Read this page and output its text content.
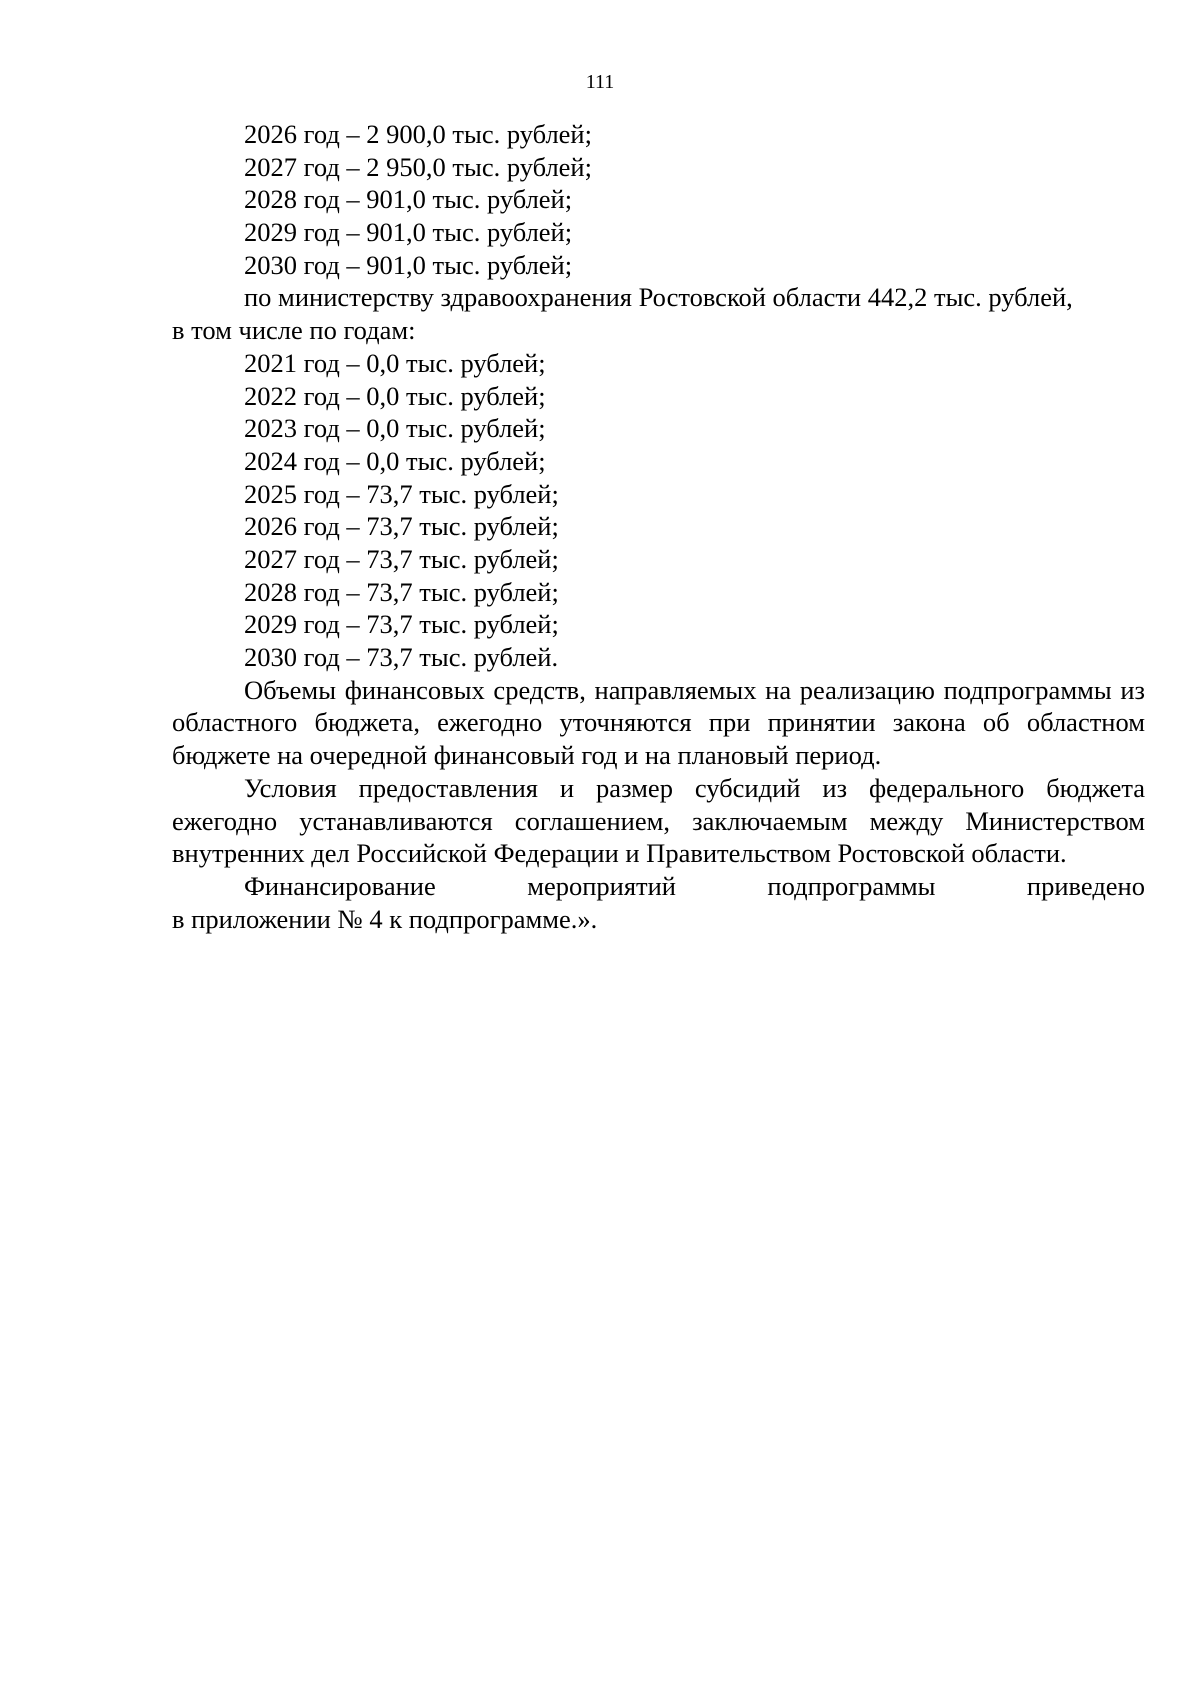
111
2026 год – 2 900,0 тыс. рублей;
2027 год – 2 950,0 тыс. рублей;
2028 год – 901,0 тыс. рублей;
2029 год – 901,0 тыс. рублей;
2030 год – 901,0 тыс. рублей;
по министерству здравоохранения Ростовской области 442,2 тыс. рублей,
в том числе по годам:
2021 год – 0,0 тыс. рублей;
2022 год – 0,0 тыс. рублей;
2023 год – 0,0 тыс. рублей;
2024 год – 0,0 тыс. рублей;
2025 год – 73,7 тыс. рублей;
2026 год – 73,7 тыс. рублей;
2027 год – 73,7 тыс. рублей;
2028 год – 73,7 тыс. рублей;
2029 год – 73,7 тыс. рублей;
2030 год – 73,7 тыс. рублей.
Объемы финансовых средств, направляемых на реализацию подпрограммы из областного бюджета, ежегодно уточняются при принятии закона об областном бюджете на очередной финансовый год и на плановый период.
Условия предоставления и размер субсидий из федерального бюджета ежегодно устанавливаются соглашением, заключаемым между Министерством внутренних дел Российской Федерации и Правительством Ростовской области.
Финансирование мероприятий подпрограммы приведено
в приложении № 4 к подпрограмме.».
